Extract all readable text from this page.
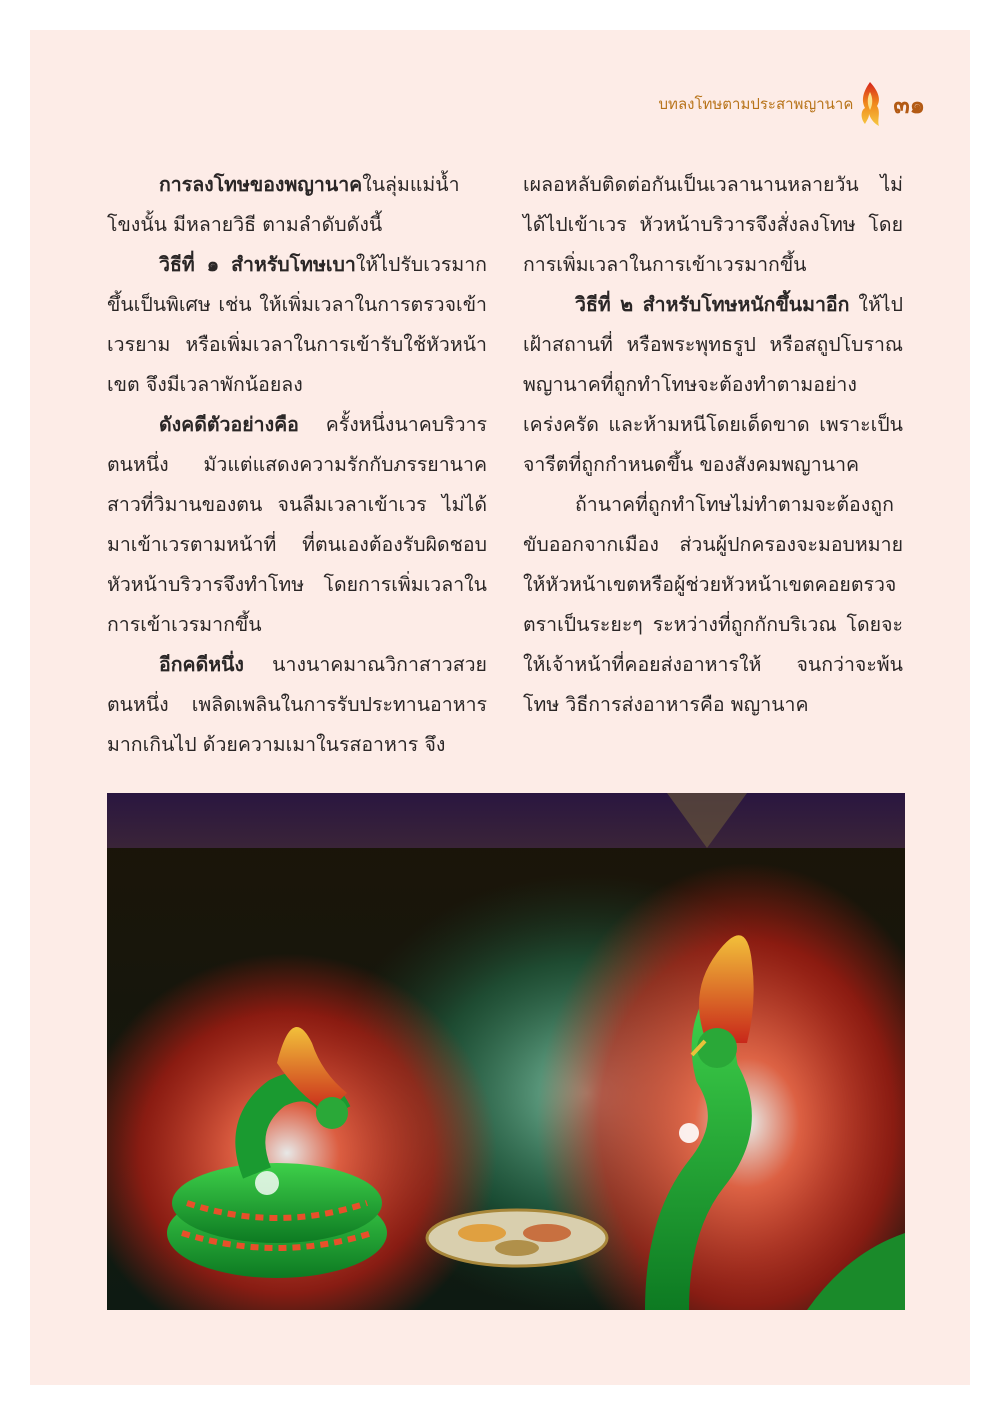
บทลงโทษตามประสาพญานาค ๓๑

การลงโทษของพญานาคในลุ่มแม่น้ำโขงนั้น มีหลายวิธี ตามลำดับดังนี้

วิธีที่ ๑ สำหรับโทษเบาให้ไปรับเวรมากขึ้นเป็นพิเศษ เช่น ให้เพิ่มเวลาในการตรวจเข้าเวรยาม หรือเพิ่มเวลาในการเข้ารับใช้หัวหน้าเขต จึงมีเวลาพักน้อยลง

ดังคดีตัวอย่างคือ ครั้งหนึ่งนาคบริวารตนหนึ่ง มัวแต่แสดงความรักกับภรรยานาคสาวที่วิมานของตน จนลืมเวลาเข้าเวร ไม่ได้มาเข้าเวรตามหน้าที่ ที่ตนเองต้องรับผิดชอบ หัวหน้าบริวารจึงทำโทษ โดยการเพิ่มเวลาในการเข้าเวรมากขึ้น

อีกคดีหนึ่ง นางนาคมาณวิกาสาวสวยตนหนึ่ง เพลิดเพลินในการรับประทานอาหารมากเกินไป ด้วยความเมาในรสอาหาร จึง

เผลอหลับติดต่อกันเป็นเวลานานหลายวัน ไม่ได้ไปเข้าเวร หัวหน้าบริวารจึงสั่งลงโทษ โดยการเพิ่มเวลาในการเข้าเวรมากขึ้น

วิธีที่ ๒ สำหรับโทษหนักขึ้นมาอีก ให้ไปเฝ้าสถานที่ หรือพระพุทธรูป หรือสถูปโบราณ พญานาคที่ถูกทำโทษจะต้องทำตามอย่างเคร่งครัด และห้ามหนีโดยเด็ดขาด เพราะเป็นจารีตที่ถูกกำหนดขึ้น ของสังคมพญานาค

ถ้านาคที่ถูกทำโทษไม่ทำตามจะต้องถูกขับออกจากเมือง ส่วนผู้ปกครองจะมอบหมายให้หัวหน้าเขตหรือผู้ช่วยหัวหน้าเขตคอยตรวจตราเป็นระยะๆ ระหว่างที่ถูกกักบริเวณ โดยจะให้เจ้าหน้าที่คอยส่งอาหารให้ จนกว่าจะพ้นโทษ วิธีการส่งอาหารคือ พญานาค
